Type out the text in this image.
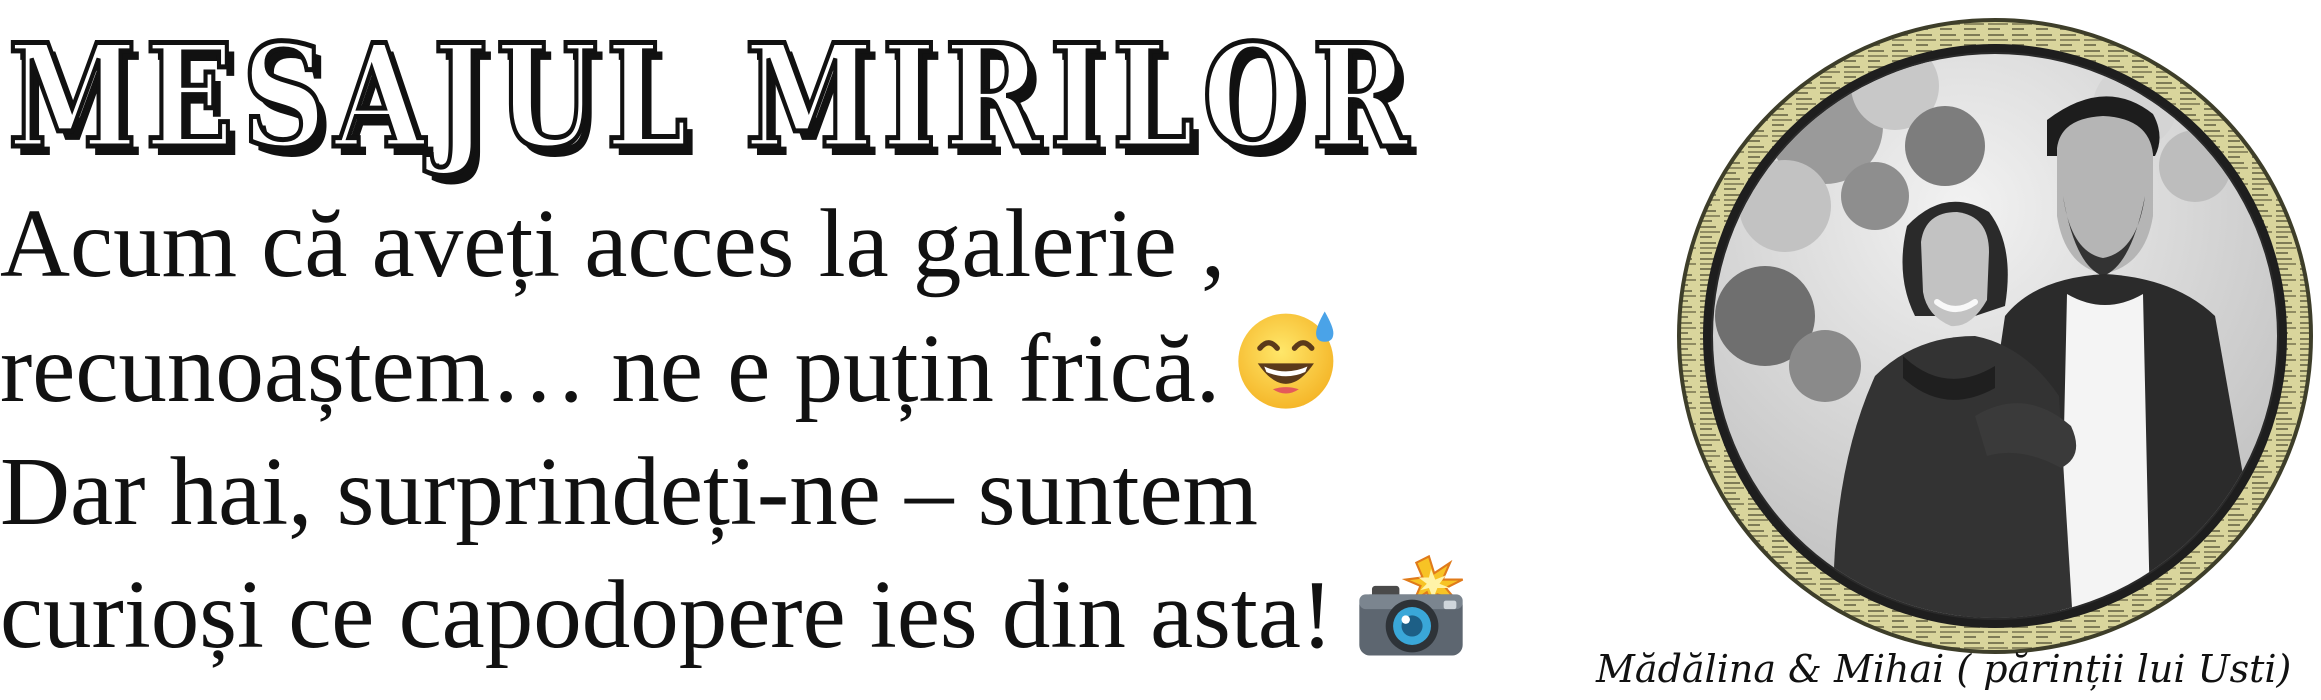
MESAJUL MIRILOR
Acum că aveți acces la galerie ,
recunoaștem… ne e puțin frică.
Dar hai, surprindeți-ne – suntem
curioși ce capodopere ies din asta!
Mădălina & Mihai ( părinții lui Usti)
